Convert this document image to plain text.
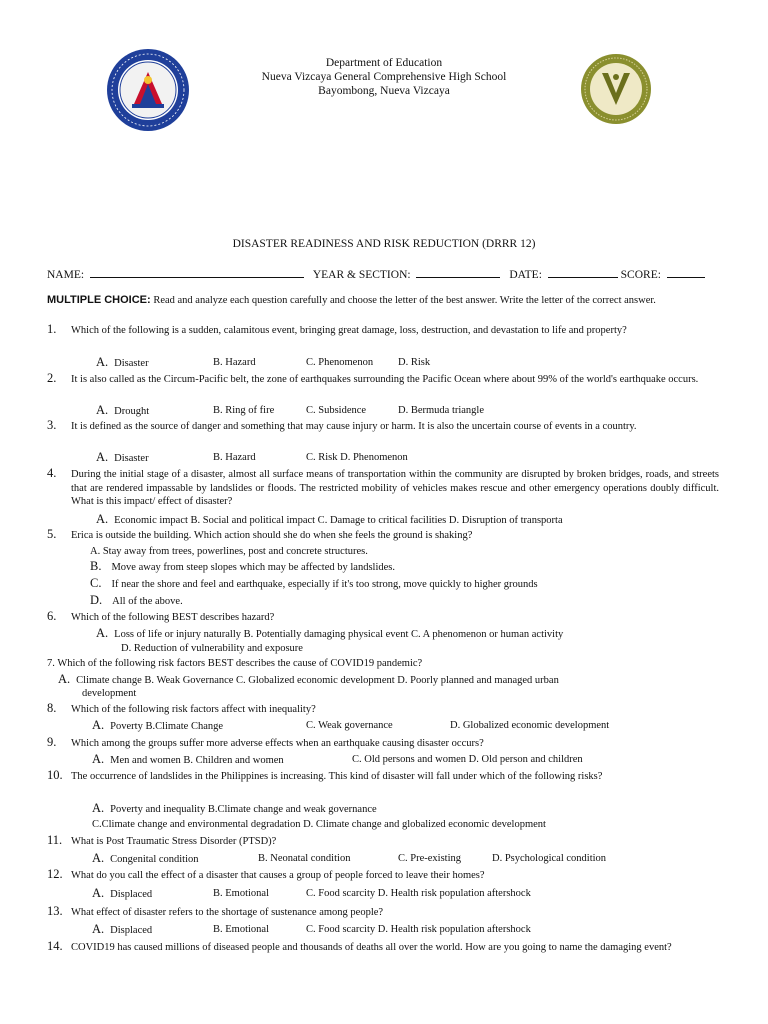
Department of Education
Nueva Vizcaya General Comprehensive High School
Bayombong, Nueva Vizcaya
DISASTER READINESS AND RISK REDUCTION (DRRR 12)
NAME:	YEAR & SECTION:	DATE:	SCORE:
MULTIPLE CHOICE: Read and analyze each question carefully and choose the letter of the best answer. Write the letter of the correct answer.
1.	Which of the following is a sudden, calamitous event, bringing great damage, loss, destruction, and devastation to life and property?
A. Disaster	B. Hazard	C. Phenomenon D. Risk
2.	It is also called as the Circum-Pacific belt, the zone of earthquakes surrounding the Pacific Ocean where about 99% of the world's earthquake occurs.
A. Drought	B. Ring of fire	C. Subsidence	D. Bermuda triangle
3.	It is defined as the source of danger and something that may cause injury or harm. It is also the uncertain course of events in a country.
A. Disaster	B. Hazard	C. Risk D. Phenomenon
4.	During the initial stage of a disaster, almost all surface means of transportation within the community are disrupted by broken bridges, roads, and streets that are rendered impassable by landslides or floods. The restricted mobility of vehicles makes rescue and other emergency operations doubly difficult. What is this impact/ effect of disaster?
A. Economic impact B. Social and political impact C. Damage to critical facilities D. Disruption of transporta
5.	Erica is outside the building. Which action should she do when she feels the ground is shaking?
A. Stay away from trees, powerlines, post and concrete structures.
B. Move away from steep slopes which may be affected by landslides.
C. If near the shore and feel and earthquake, especially if it's too strong, move quickly to higher grounds
D. All of the above.
6.	Which of the following BEST describes hazard?
A. Loss of life or injury naturally B. Potentially damaging physical event C. A phenomenon or human activity
D. Reduction of vulnerability and exposure
7. Which of the following risk factors BEST describes the cause of COVID19 pandemic?
A. Climate change B. Weak Governance C. Globalized economic development D. Poorly planned and managed urban
development
8.	Which of the following risk factors affect with inequality?
A. Poverty B.Climate Change	C. Weak governance	D. Globalized economic development
9.	Which among the groups suffer more adverse effects when an earthquake causing disaster occurs?
A. Men and women B. Children and women	C. Old persons and women D. Old person and children
10. The occurrence of landslides in the Philippines is increasing. This kind of disaster will fall under which of the following risks?
A. Poverty and inequality B.Climate change and weak governance
C.Climate change and environmental degradation D. Climate change and globalized economic development
11. What is Post Traumatic Stress Disorder (PTSD)?
A. Congenital condition	B. Neonatal condition	C. Pre-existing	D. Psychological condition
12. What do you call the effect of a disaster that causes a group of people forced to leave their homes?
A. Displaced	B. Emotional	C. Food scarcity D. Health risk population aftershock
13. What effect of disaster refers to the shortage of sustenance among people?
A. Displaced	B. Emotional	C. Food scarcity D. Health risk population aftershock
14. COVID19 has caused millions of diseased people and thousands of deaths all over the world. How are you going to name the damaging event?
